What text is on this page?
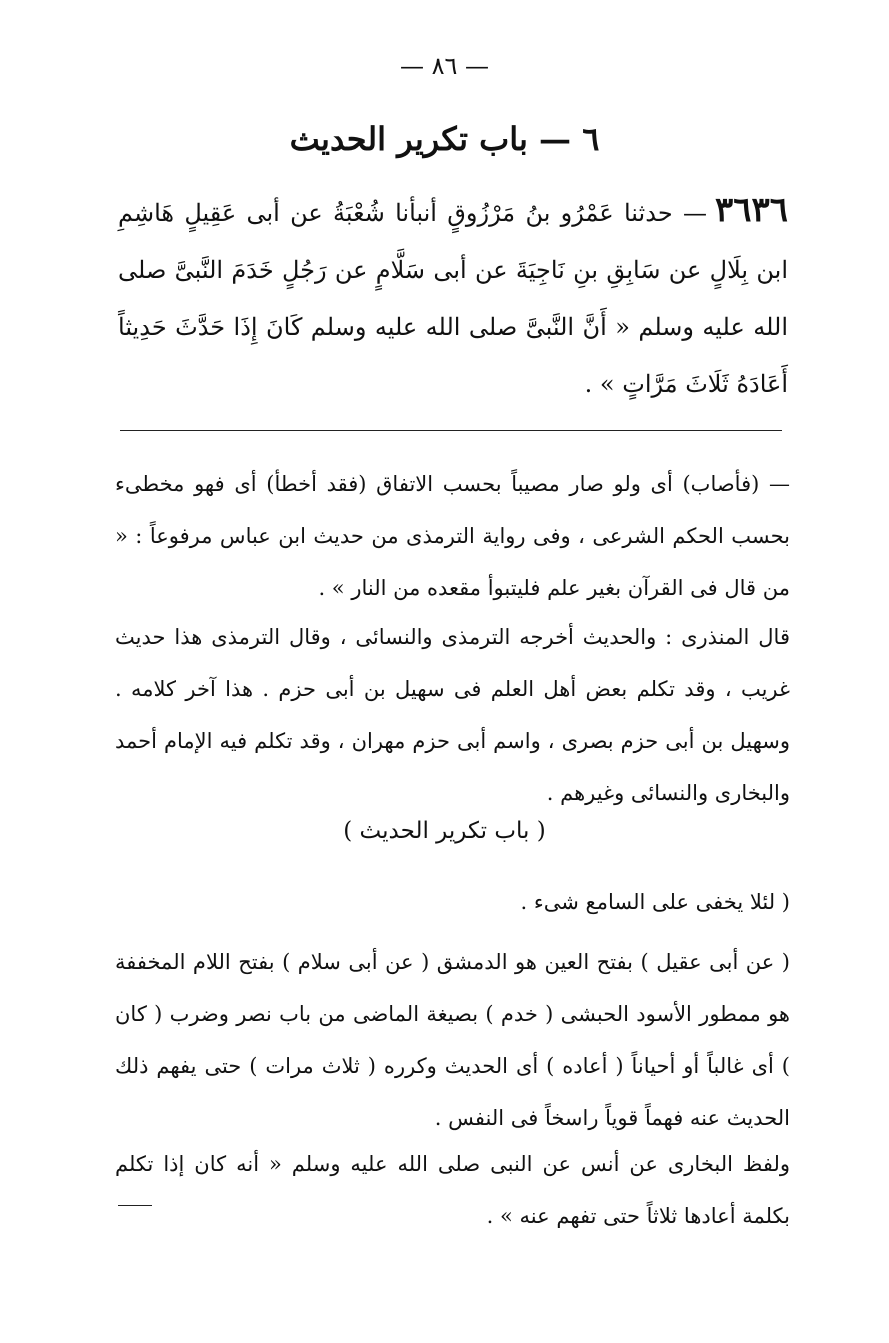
— ٨٦ —
٦ — باب تكرير الحديث

٣٦٣٦— حدثنا عَمْرُو بنُ مَرْزُوقٍ أنبأنا شُعْبَةُ عن أبى عَقِيلٍ هَاشِمِ ابن بِلَالٍ عن سَابِقِ بنِ نَاجِيَةَ عن أبى سَلَّامٍ عن رَجُلٍ خَدَمَ النَّبىَّ صلى الله عليه وسلم « أَنَّ النَّبىَّ صلى الله عليه وسلم كَانَ إِذَا حَدَّثَ حَدِيثاً أَعَادَهُ ثَلَاثَ مَرَّاتٍ » .

— (فأصاب) أى ولو صار مصيباً بحسب الاتفاق (فقد أخطأ) أى فهو مخطىء بحسب الحكم الشرعى ، وفى رواية الترمذى من حديث ابن عباس مرفوعاً : « من قال فى القرآن بغير علم فليتبوأ مقعده من النار » .

قال المنذرى : والحديث أخرجه الترمذى والنسائى ، وقال الترمذى هذا حديث غريب ، وقد تكلم بعض أهل العلم فى سهيل بن أبى حزم . هذا آخر كلامه . وسهيل بن أبى حزم بصرى ، واسم أبى حزم مهران ، وقد تكلم فيه الإمام أحمد والبخارى والنسائى وغيرهم .

( باب تكرير الحديث )

( لئلا يخفى على السامع شىء .

( عن أبى عقيل ) بفتح العين هو الدمشق ( عن أبى سلام ) بفتح اللام المخففة هو ممطور الأسود الحبشى ( خدم ) بصيغة الماضى من باب نصر وضرب ( كان ) أى غالباً أو أحياناً ( أعاده ) أى الحديث وكرره ( ثلاث مرات ) حتى يفهم ذلك الحديث عنه فهماً قوياً راسخاً فى النفس .

ولفظ البخارى عن أنس عن النبى صلى الله عليه وسلم « أنه كان إذا تكلم بكلمة أعادها ثلاثاً حتى تفهم عنه » .
